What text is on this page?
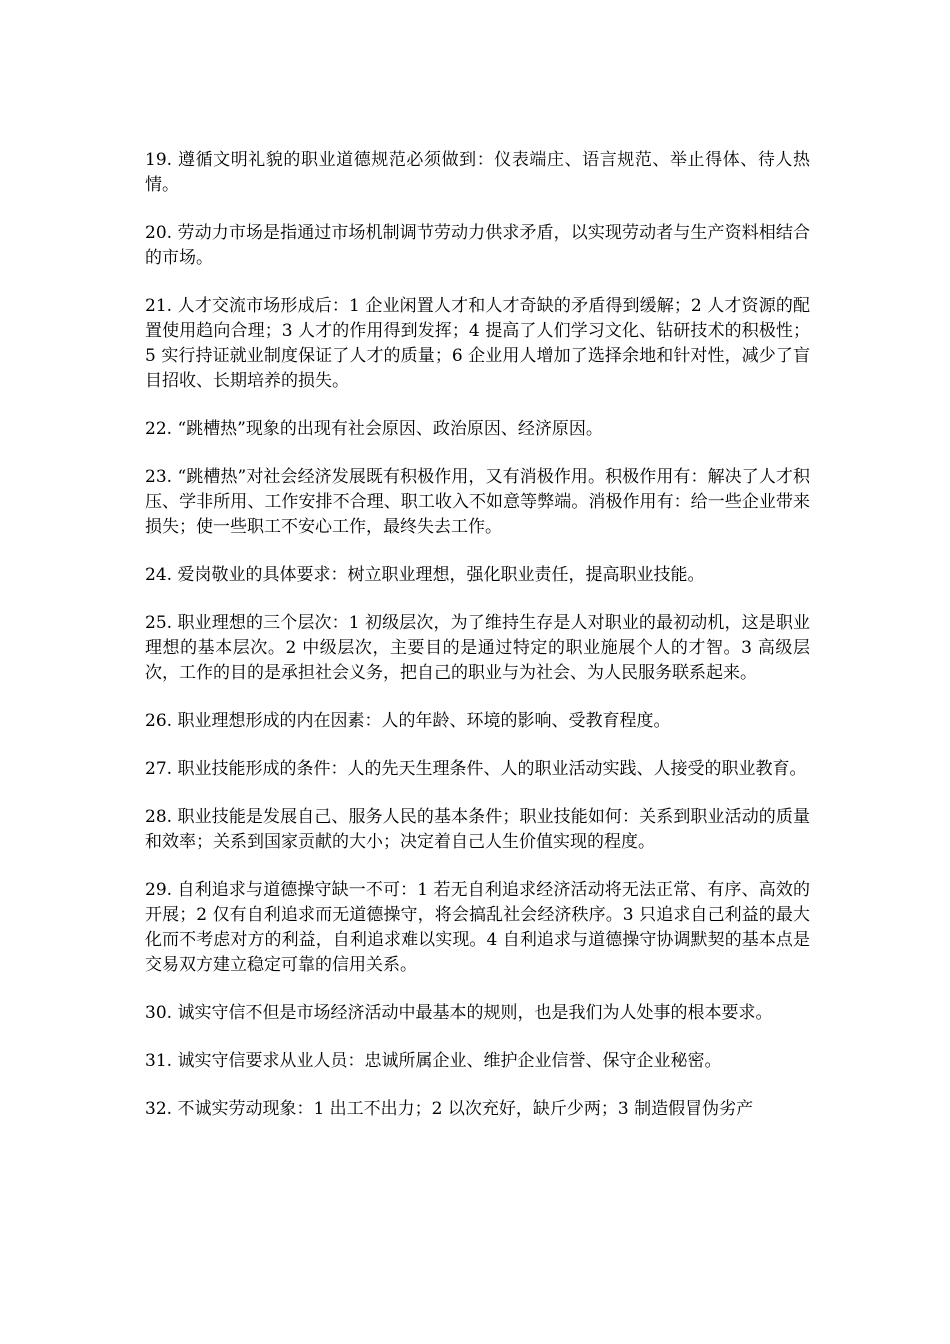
19. 遵循文明礼貌的职业道德规范必须做到：仪表端庄、语言规范、举止得体、待人热情。

20. 劳动力市场是指通过市场机制调节劳动力供求矛盾，以实现劳动者与生产资料相结合的市场。

21. 人才交流市场形成后：1 企业闲置人才和人才奇缺的矛盾得到缓解；2 人才资源的配置使用趋向合理；3 人才的作用得到发挥；4 提高了人们学习文化、钻研技术的积极性；5 实行持证就业制度保证了人才的质量；6 企业用人增加了选择余地和针对性，减少了盲目招收、长期培养的损失。

22. “跳槽热”现象的出现有社会原因、政治原因、经济原因。

23. “跳槽热”对社会经济发展既有积极作用，又有消极作用。积极作用有：解决了人才积压、学非所用、工作安排不合理、职工收入不如意等弊端。消极作用有：给一些企业带来损失；使一些职工不安心工作，最终失去工作。

24. 爱岗敬业的具体要求：树立职业理想，强化职业责任，提高职业技能。

25. 职业理想的三个层次：1 初级层次，为了维持生存是人对职业的最初动机，这是职业理想的基本层次。2 中级层次，主要目的是通过特定的职业施展个人的才智。3 高级层次，工作的目的是承担社会义务，把自己的职业与为社会、为人民服务联系起来。

26. 职业理想形成的内在因素：人的年龄、环境的影响、受教育程度。

27. 职业技能形成的条件：人的先天生理条件、人的职业活动实践、人接受的职业教育。

28. 职业技能是发展自己、服务人民的基本条件；职业技能如何：关系到职业活动的质量和效率；关系到国家贡献的大小；决定着自己人生价值实现的程度。

29. 自利追求与道德操守缺一不可：1 若无自利追求经济活动将无法正常、有序、高效的开展；2 仅有自利追求而无道德操守，将会搞乱社会经济秩序。3 只追求自己利益的最大化而不考虑对方的利益，自利追求难以实现。4 自利追求与道德操守协调默契的基本点是交易双方建立稳定可靠的信用关系。

30. 诚实守信不但是市场经济活动中最基本的规则，也是我们为人处事的根本要求。

31. 诚实守信要求从业人员：忠诚所属企业、维护企业信誉、保守企业秘密。

32. 不诚实劳动现象：1 出工不出力；2 以次充好，缺斤少两；3 制造假冒伪劣产
